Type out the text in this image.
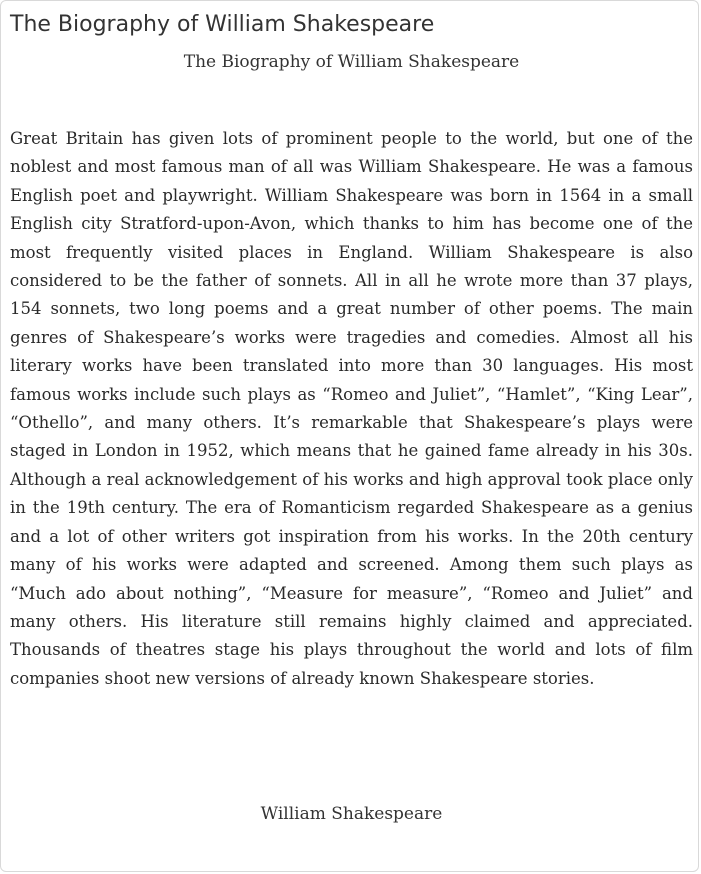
The Biography of William Shakespeare
The Biography of William Shakespeare

Great Britain has given lots of prominent people to the world, but one of the noblest and most famous man of all was William Shakespeare. He was a famous English poet and playwright. William Shakespeare was born in 1564 in a small English city Stratford-upon-Avon, which thanks to him has become one of the most frequently visited places in England. William Shakespeare is also considered to be the father of sonnets. All in all he wrote more than 37 plays, 154 sonnets, two long poems and a great number of other poems. The main genres of Shakespeare’s works were tragedies and comedies. Almost all his literary works have been translated into more than 30 languages. His most famous works include such plays as “Romeo and Juliet”, “Hamlet”, “King Lear”, “Othello”, and many others. It’s remarkable that Shakespeare’s plays were staged in London in 1952, which means that he gained fame already in his 30s. Although a real acknowledgement of his works and high approval took place only in the 19th century. The era of Romanticism regarded Shakespeare as a genius and a lot of other writers got inspiration from his works. In the 20th century many of his works were adapted and screened. Among them such plays as “Much ado about nothing”, “Measure for measure”, “Romeo and Juliet” and many others. His literature still remains highly claimed and appreciated. Thousands of theatres stage his plays throughout the world and lots of film companies shoot new versions of already known Shakespeare stories.

William Shakespeare
